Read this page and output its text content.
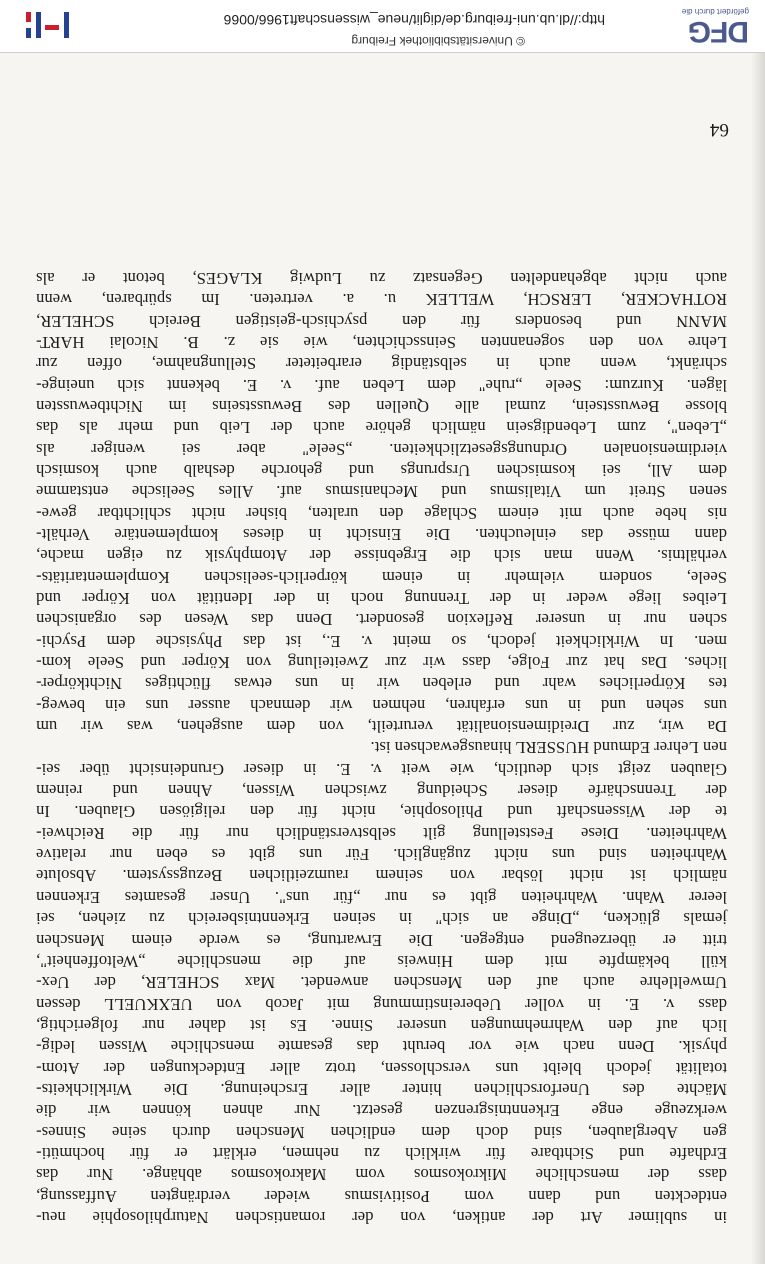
in sublimer Art der antiken, von der romantischen Naturphilosophie neu-
entdeckten und dann vom Positivismus wieder verdrängten Auffassung,
dass der menschliche Mikrokosmos vom Makrokosmos abhänge. Nur das
Erdhafte und Sichtbare für wirklich zu nehmen, erklärt er für hochmüti-
gen Aberglauben, sind doch dem endlichen Menschen durch seine Sinnes-
werkzeuge enge Erkenntnisgrenzen gesetzt. Nur ahnen können wir die
Mächte des Unerforschlichen hinter aller Erscheinung. Die Wirklichkeits-
totalität jedoch bleibt uns verschlossen, trotz aller Entdeckungen der Atom-
physik. Denn nach wie vor beruht das gesamte menschliche Wissen ledig-
lich auf den Wahrnehmungen unserer Sinne. Es ist daher nur folgerichtig,
dass v. E. in voller Uebereinstimmung mit Jacob von UEXKUELL dessen
Umweltlehre auch auf den Menschen anwendet. Max SCHELER, der Uex-
küll bekämpfte mit dem Hinweis auf die menschliche „Weltoffenheit",
tritt er überzeugend entgegen. Die Erwartung, es werde einem Menschen
jemals glücken, „Dinge an sich" in seinen Erkenntnisbereich zu ziehen, sei
leerer Wahn. Wahrheiten gibt es nur „für uns". Unser gesamtes Erkennen
nämlich ist nicht lösbar von seinem raumzeitlichen Bezugssystem. Absolute
Wahrheiten sind uns nicht zugänglich. Für uns gibt es eben nur relative
Wahrheiten. Diese Feststellung gilt selbstverständlich nur für die Reichwei-
te der Wissenschaft und Philosophie, nicht für den religiösen Glauben. In
der Trennschärfe dieser Scheidung zwischen Wissen, Ahnen und reinem
Glauben zeigt sich deutlich, wie weit v. E. in dieser Grundeinsicht über sei-
nen Lehrer Edmund HUSSERL hinausgewachsen ist.
Da wir, zur Dreidimensionalität verurteilt, von dem ausgehen, was wir um
uns sehen und in uns erfahren, nehmen wir demnach ausser uns ein beweg-
tes Körperliches wahr und erleben wir in uns etwas flüchtiges Nichtkörper-
liches. Das hat zur Folge, dass wir zur Zweiteilung von Körper und Seele kom-
men. In Wirklichkeit jedoch, so meint v. E., ist das Physische dem Psychi-
schen nur in unserer Reflexion gesondert. Denn das Wesen des organischen
Leibes liege weder in der Trennung noch in der Identität von Körper und
Seele, sondern vielmehr in einem körperlich-seelischen Komplementaritäts-
verhältnis. Wenn man sich die Ergebnisse der Atomphysik zu eigen mache,
dann müsse das einleuchten. Die Einsicht in dieses komplementäre Verhält-
nis hebe auch mit einem Schlage den uralten, bisher nicht schlichtbar gewe-
senen Streit um Vitalismus und Mechanismus auf. Alles Seelische entstamme
dem All, sei kosmischen Ursprungs und gehorche deshalb auch kosmisch
vierdimensionalen Ordnungsgesetzlichkeiten. „Seele" aber sei weniger als
„Leben", zum Lebendigsein nämlich gehöre auch der Leib und mehr als das
blosse Bewusstsein, zumal alle Quellen des Bewusstseins im Nichtbewussten
lägen. Kurzum: Seele „ruhe" dem Leben auf. v. E. bekennt sich uneinge-
schränkt, wenn auch in selbständig erarbeiteter Stellungnahme, offen zur
Lehre von den sogenannten Seinsschichten, wie sie z. B. Nicolai HART-
MANN und besonders für den psychisch-geistigen Bereich SCHELER,
ROTHACKER, LERSCH, WELLEK u. a. vertreten. Im spürbaren, wenn
auch nicht abgehandelten Gegensatz zu Ludwig KLAGES, betont er als
64
DFG
gefördert durch die
© Universitätsbibliothek Freiburg
http://dl.ub.uni-freiburg.de/diglit/neue_wissenschaft1966/0066
